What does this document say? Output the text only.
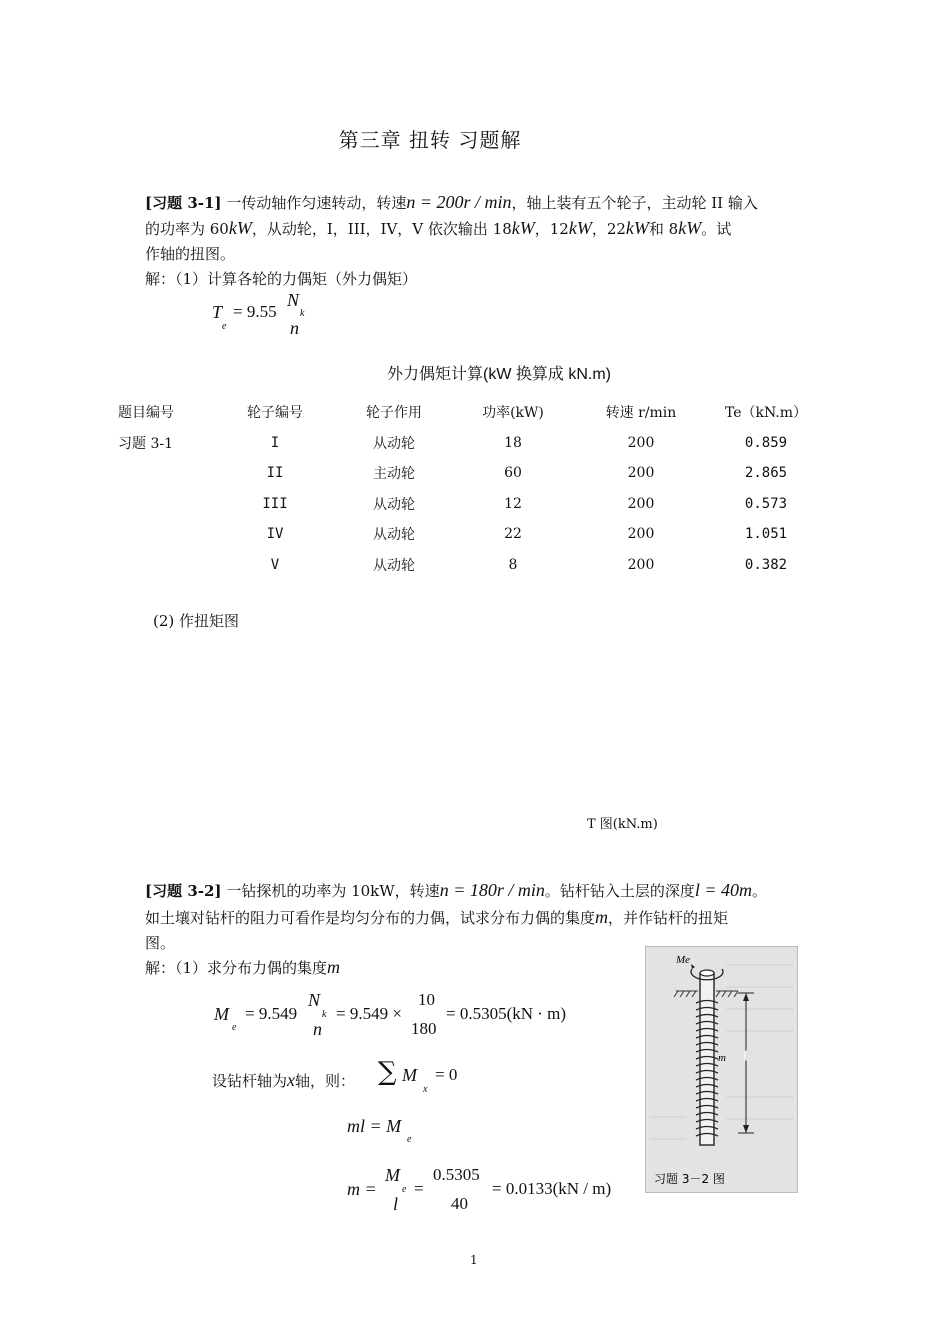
第三章 扭转 习题解
[习题 3-1] 一传动轴作匀速转动，转速n = 200r / min，轴上装有五个轮子，主动轮 II 输入
的功率为 60kW，从动轮，I，III，IV，V 依次输出 18kW，12kW，22kW和 8kW。试
作轴的扭图。
解：（1）计算各轮的力偶矩（外力偶矩）
T
e
= 9.55
N
k
n
外力偶矩计算(kW 换算成 kN.m)
题目编号	轮子编号	轮子作用	功率(kW)	转速 r/min	Te（kN.m）
习题 3-1	I	从动轮	18	200	0.859
	II	主动轮	60	200	2.865
	III	从动轮	12	200	0.573
	IV	从动轮	22	200	1.051
	V	从动轮	8	200	0.382
(2) 作扭矩图
T 图(kN.m)
[习题 3-2] 一钻探机的功率为 10kW，转速n = 180r / min。钻杆钻入土层的深度l = 40m。
如土壤对钻杆的阻力可看作是均匀分布的力偶，试求分布力偶的集度m，并作钻杆的扭矩
图。
解：（1）求分布力偶的集度m
M
e
= 9.549
N
k
n
= 9.549 ×
10
180
= 0.5305(kN · m)
设钻杆轴为x轴，则： ∑ M
x
= 0
ml = M
e
m =
M
e
l
=
0.5305
40
= 0.0133(kN / m)
Me
m l
习题 3－2 图
1
